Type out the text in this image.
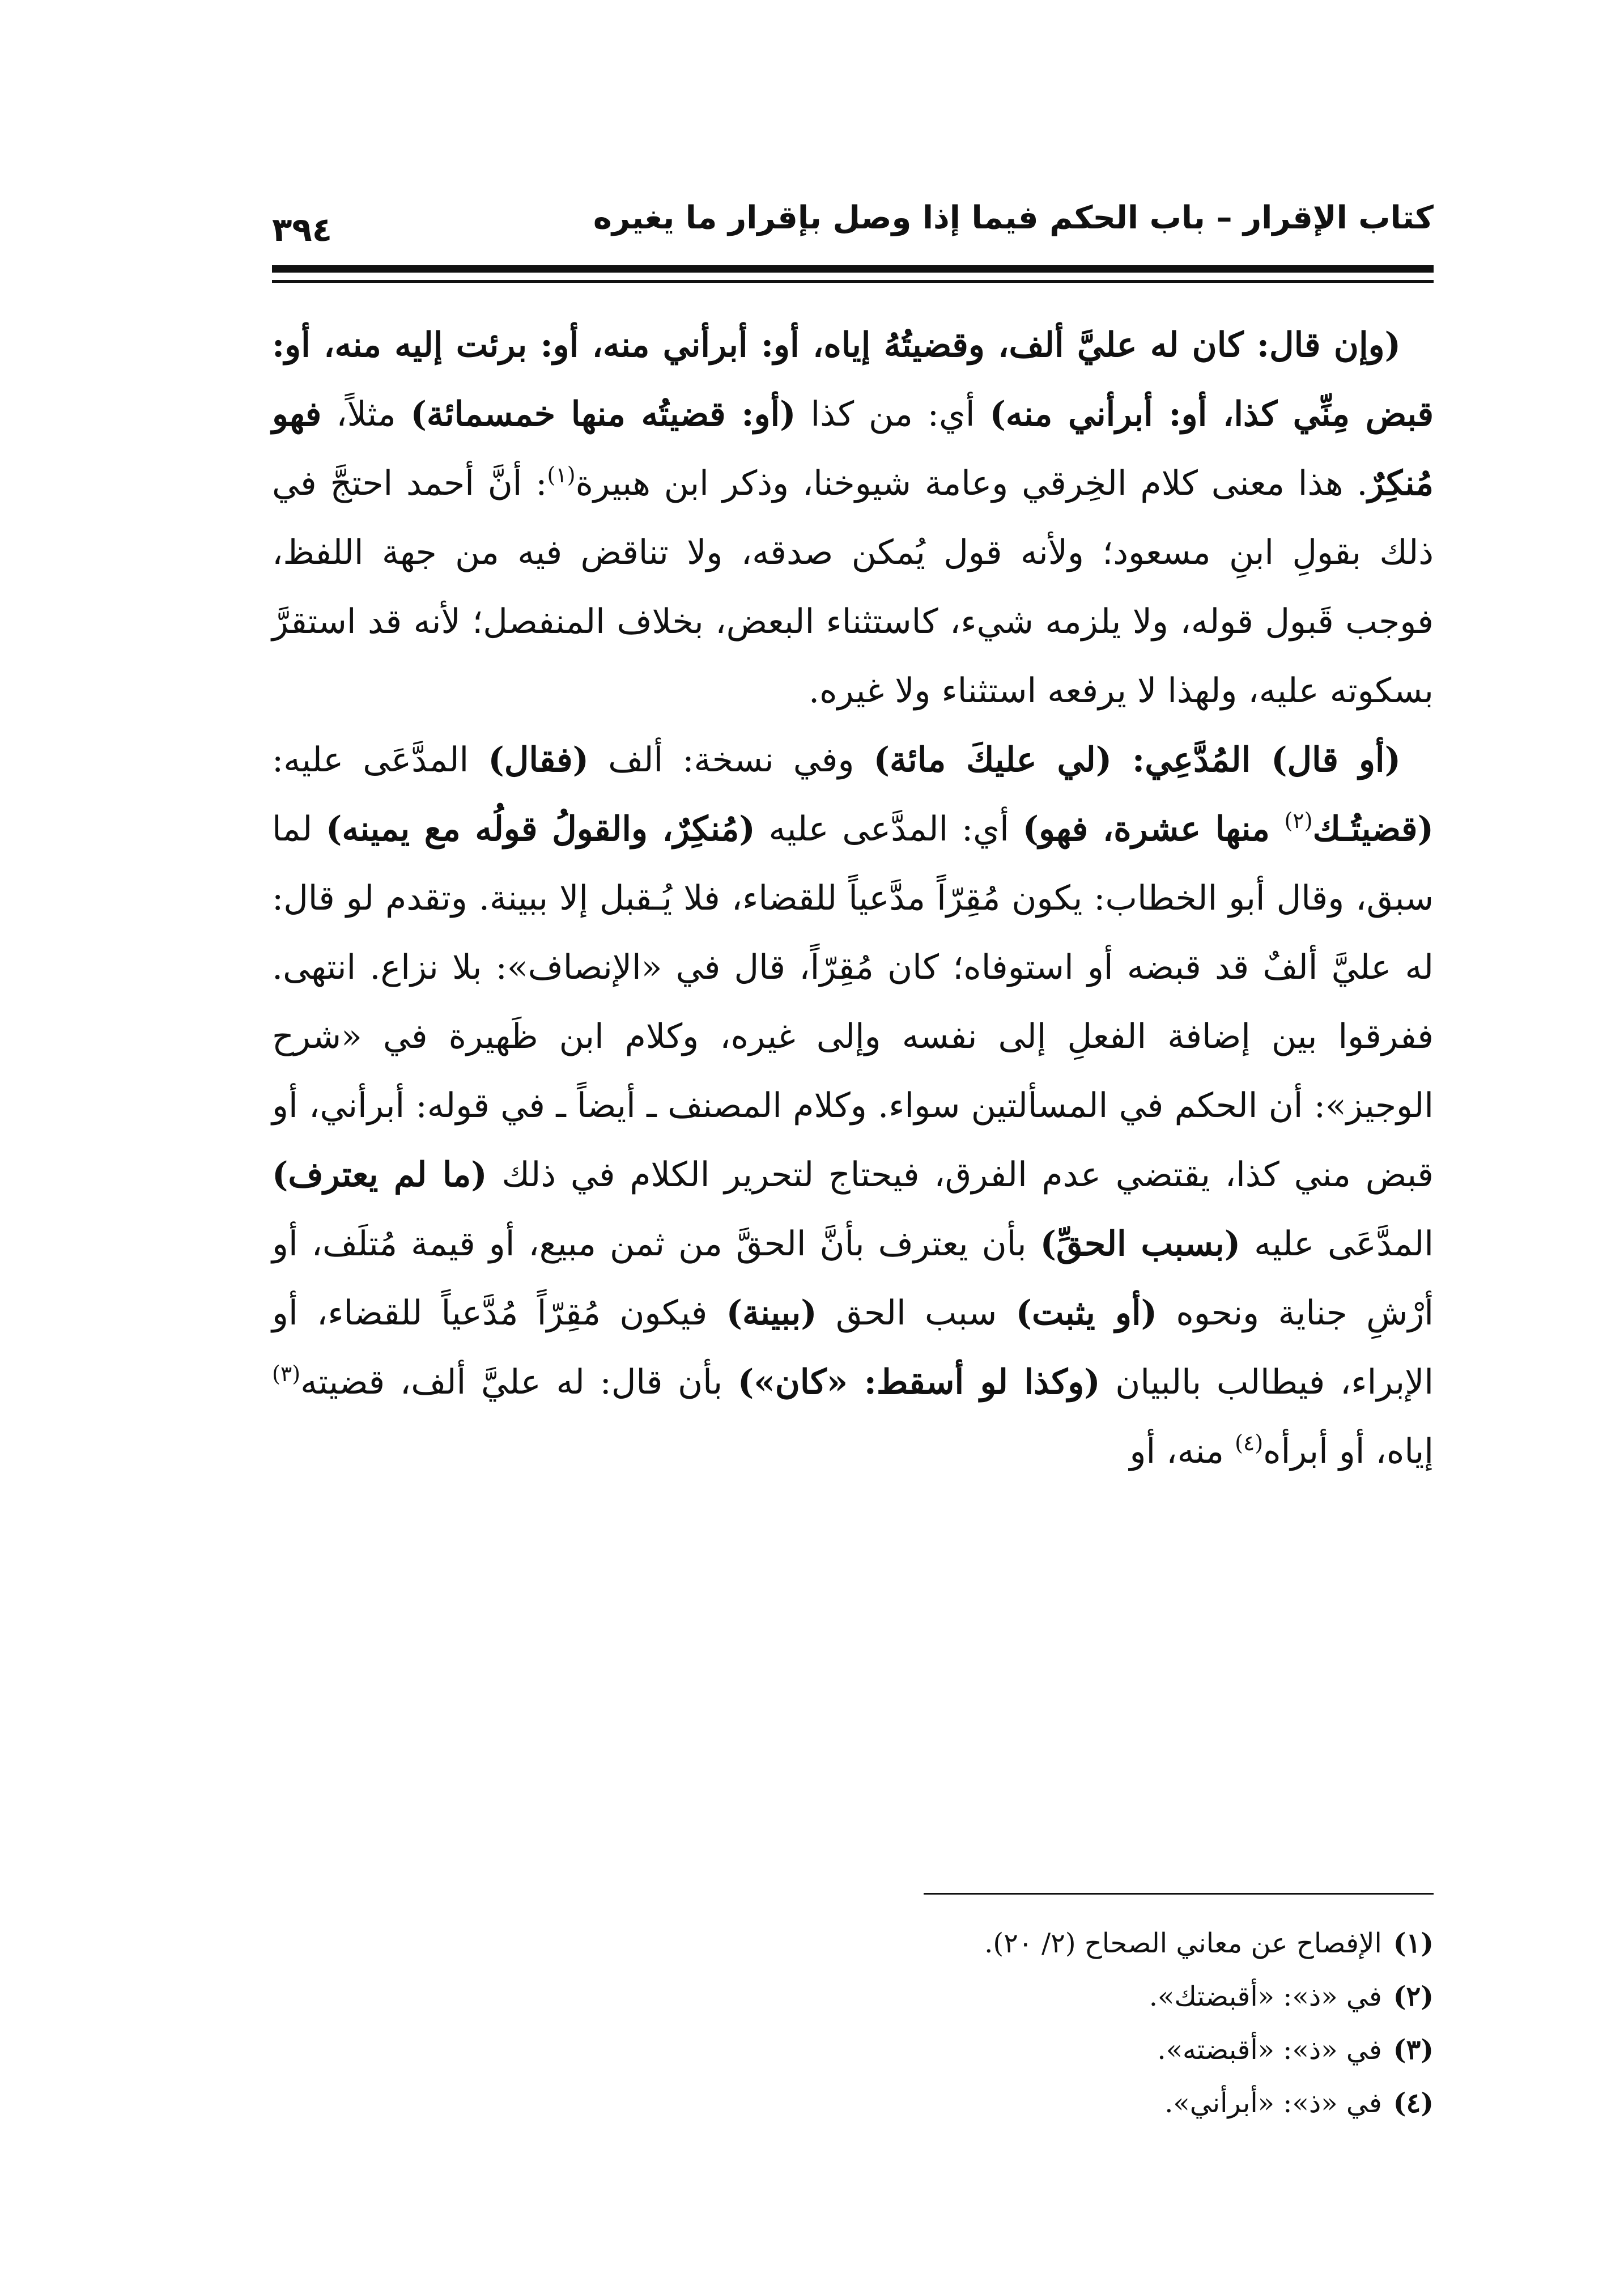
كتاب الإقرار – باب الحكم فيما إذا وصل بإقرار ما يغيره
٣٩٤

(وإن قال: كان له عليَّ ألف، وقضيتُهُ إياه، أو: أبرأني منه، أو: برئت إليه منه، أو: قبض مِنِّي كذا، أو: أبرأني منه) أي: من كذا (أو: قضيتُه منها خمسمائة) مثلاً، فهو مُنكِرٌ. هذا معنى كلام الخِرقي وعامة شيوخنا، وذكر ابن هبيرة$^{(١)}$: أنَّ أحمد احتجَّ في ذلك بقولِ ابنِ مسعود؛ ولأنه قول يُمكن صدقه، ولا تناقض فيه من جهة اللفظ، فوجب قَبول قوله، ولا يلزمه شيء، كاستثناء البعض، بخلاف المنفصل؛ لأنه قد استقرَّ بسكوته عليه، ولهذا لا يرفعه استثناء ولا غيره.

(أو قال) المُدَّعِي: (لي عليكَ مائة) وفي نسخة: ألف (فقال) المدَّعَى عليه: (قضيتُـك$^{(٢)}$ منها عشرة، فهو) أي: المدَّعى عليه (مُنكِرٌ، والقولُ قولُه مع يمينه) لما سبق، وقال أبو الخطاب: يكون مُقِرّاً مدَّعياً للقضاء، فلا يُـقبل إلا ببينة. وتقدم لو قال: له عليَّ ألفٌ قد قبضه أو استوفاه؛ كان مُقِرّاً، قال في «الإنصاف»: بلا نزاع. انتهى. ففرقوا بين إضافة الفعلِ إلى نفسه وإلى غيره، وكلام ابن ظَهيرة في «شرح الوجيز»: أن الحكم في المسألتين سواء. وكلام المصنف ـ أيضاً ـ في قوله: أبرأني، أو قبض مني كذا، يقتضي عدم الفرق، فيحتاج لتحرير الكلام في ذلك (ما لم يعترف) المدَّعَى عليه (بسبب الحقِّ) بأن يعترف بأنَّ الحقَّ من ثمن مبيع، أو قيمة مُتلَف، أو أرْشِ جناية ونحوه (أو يثبت) سبب الحق (ببينة) فيكون مُقِرّاً مُدَّعياً للقضاء، أو الإبراء، فيطالب بالبيان (وكذا لو أسقط: «كان») بأن قال: له عليَّ ألف، قضيته$^{(٣)}$ إياه، أو أبرأه$^{(٤)}$ منه، أو

(١)الإفصاح عن معاني الصحاح (٢/ ٢٠).
(٢)في «ذ»: «أقبضتك».
(٣)في «ذ»: «أقبضته».
(٤)في «ذ»: «أبرأني».
